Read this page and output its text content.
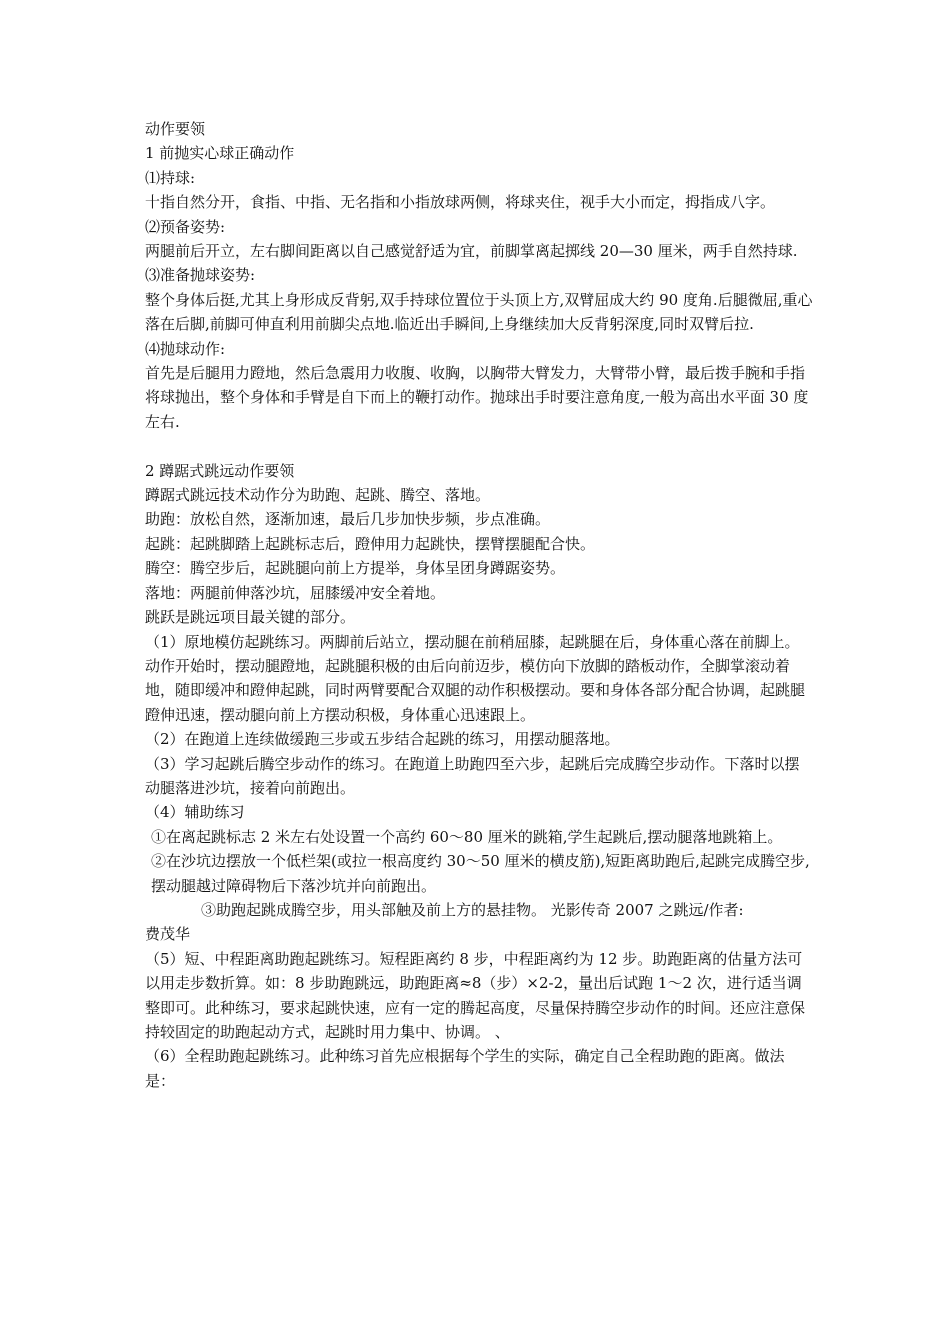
动作要领

1 前抛实心球正确动作

⑴持球:

十指自然分开，食指、中指、无名指和小指放球两侧，将球夹住，视手大小而定，拇指成八字。

⑵预备姿势:

两腿前后开立，左右脚间距离以自己感觉舒适为宜，前脚掌离起掷线 20—30 厘米，两手自然持球.

⑶准备抛球姿势:

整个身体后挺,尤其上身形成反背躬,双手持球位置位于头顶上方,双臂屈成大约 90 度角.后腿微屈,重心落在后脚,前脚可伸直利用前脚尖点地.临近出手瞬间,上身继续加大反背躬深度,同时双臂后拉.

⑷抛球动作:

首先是后腿用力蹬地，然后急震用力收腹、收胸，以胸带大臂发力，大臂带小臂，最后拨手腕和手指将球抛出，整个身体和手臂是自下而上的鞭打动作。抛球出手时要注意角度,一般为高出水平面 30 度左右.

2 蹲踞式跳远动作要领

蹲踞式跳远技术动作分为助跑、起跳、腾空、落地。

助跑：放松自然，逐渐加速，最后几步加快步频，步点准确。

起跳：起跳脚踏上起跳标志后，蹬伸用力起跳快，摆臂摆腿配合快。

腾空：腾空步后，起跳腿向前上方提举，身体呈团身蹲踞姿势。

落地：两腿前伸落沙坑，屈膝缓冲安全着地。

跳跃是跳远项目最关键的部分。

（1）原地模仿起跳练习。两脚前后站立，摆动腿在前稍屈膝，起跳腿在后，身体重心落在前脚上。动作开始时，摆动腿蹬地，起跳腿积极的由后向前迈步，模仿向下放脚的踏板动作，全脚掌滚动着地，随即缓冲和蹬伸起跳，同时两臂要配合双腿的动作积极摆动。要和身体各部分配合协调，起跳腿蹬伸迅速，摆动腿向前上方摆动积极，身体重心迅速跟上。

（2）在跑道上连续做缓跑三步或五步结合起跳的练习，用摆动腿落地。

（3）学习起跳后腾空步动作的练习。在跑道上助跑四至六步，起跳后完成腾空步动作。下落时以摆动腿落进沙坑，接着向前跑出。

（4）辅助练习

①在离起跳标志 2 米左右处设置一个高约 60～80 厘米的跳箱,学生起跳后,摆动腿落地跳箱上。

②在沙坑边摆放一个低栏架(或拉一根高度约 30～50 厘米的横皮筋),短距离助跑后,起跳完成腾空步,摆动腿越过障碍物后下落沙坑并向前跑出。

③助跑起跳成腾空步，用头部触及前上方的悬挂物。 光影传奇 2007 之跳远/作者:

费茂华

（5）短、中程距离助跑起跳练习。短程距离约 8 步，中程距离约为 12 步。助跑距离的估量方法可以用走步数折算。如：8 步助跑跳远，助跑距离≈8（步）×2-2，量出后试跑 1～2 次，进行适当调整即可。此种练习，要求起跳快速，应有一定的腾起高度，尽量保持腾空步动作的时间。还应注意保持较固定的助跑起动方式，起跳时用力集中、协调。 、

（6）全程助跑起跳练习。此种练习首先应根据每个学生的实际，确定自己全程助跑的距离。做法是：
